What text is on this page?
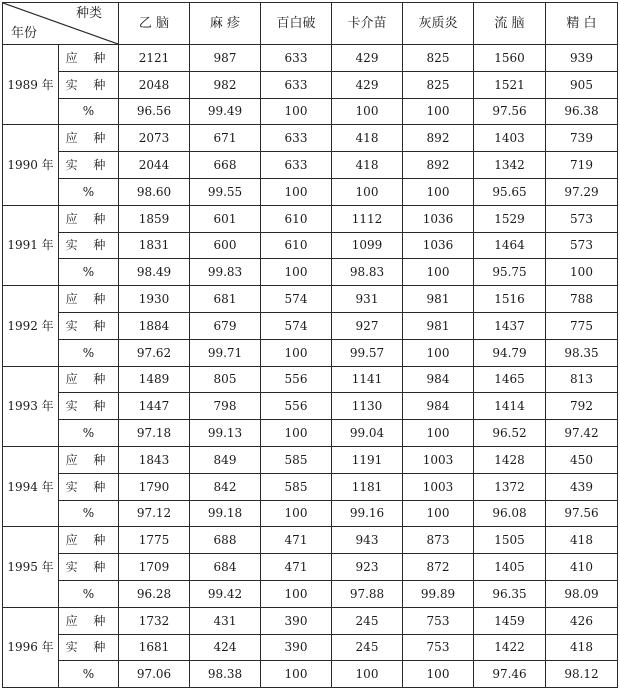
种类
年份		乙 脑	麻 疹	百白破	卡介苗	灰质炎	流 脑	精 白
1989 年	应 种	2121	987	633	429	825	1560	939
	实 种	2048	982	633	429	825	1521	905
	%	96.56	99.49	100	100	100	97.56	96.38
1990 年	应 种	2073	671	633	418	892	1403	739
	实 种	2044	668	633	418	892	1342	719
	%	98.60	99.55	100	100	100	95.65	97.29
1991 年	应 种	1859	601	610	1112	1036	1529	573
	实 种	1831	600	610	1099	1036	1464	573
	%	98.49	99.83	100	98.83	100	95.75	100
1992 年	应 种	1930	681	574	931	981	1516	788
	实 种	1884	679	574	927	981	1437	775
	%	97.62	99.71	100	99.57	100	94.79	98.35
1993 年	应 种	1489	805	556	1141	984	1465	813
	实 种	1447	798	556	1130	984	1414	792
	%	97.18	99.13	100	99.04	100	96.52	97.42
1994 年	应 种	1843	849	585	1191	1003	1428	450
	实 种	1790	842	585	1181	1003	1372	439
	%	97.12	99.18	100	99.16	100	96.08	97.56
1995 年	应 种	1775	688	471	943	873	1505	418
	实 种	1709	684	471	923	872	1405	410
	%	96.28	99.42	100	97.88	99.89	96.35	98.09
1996 年	应 种	1732	431	390	245	753	1459	426
	实 种	1681	424	390	245	753	1422	418
	%	97.06	98.38	100	100	100	97.46	98.12
